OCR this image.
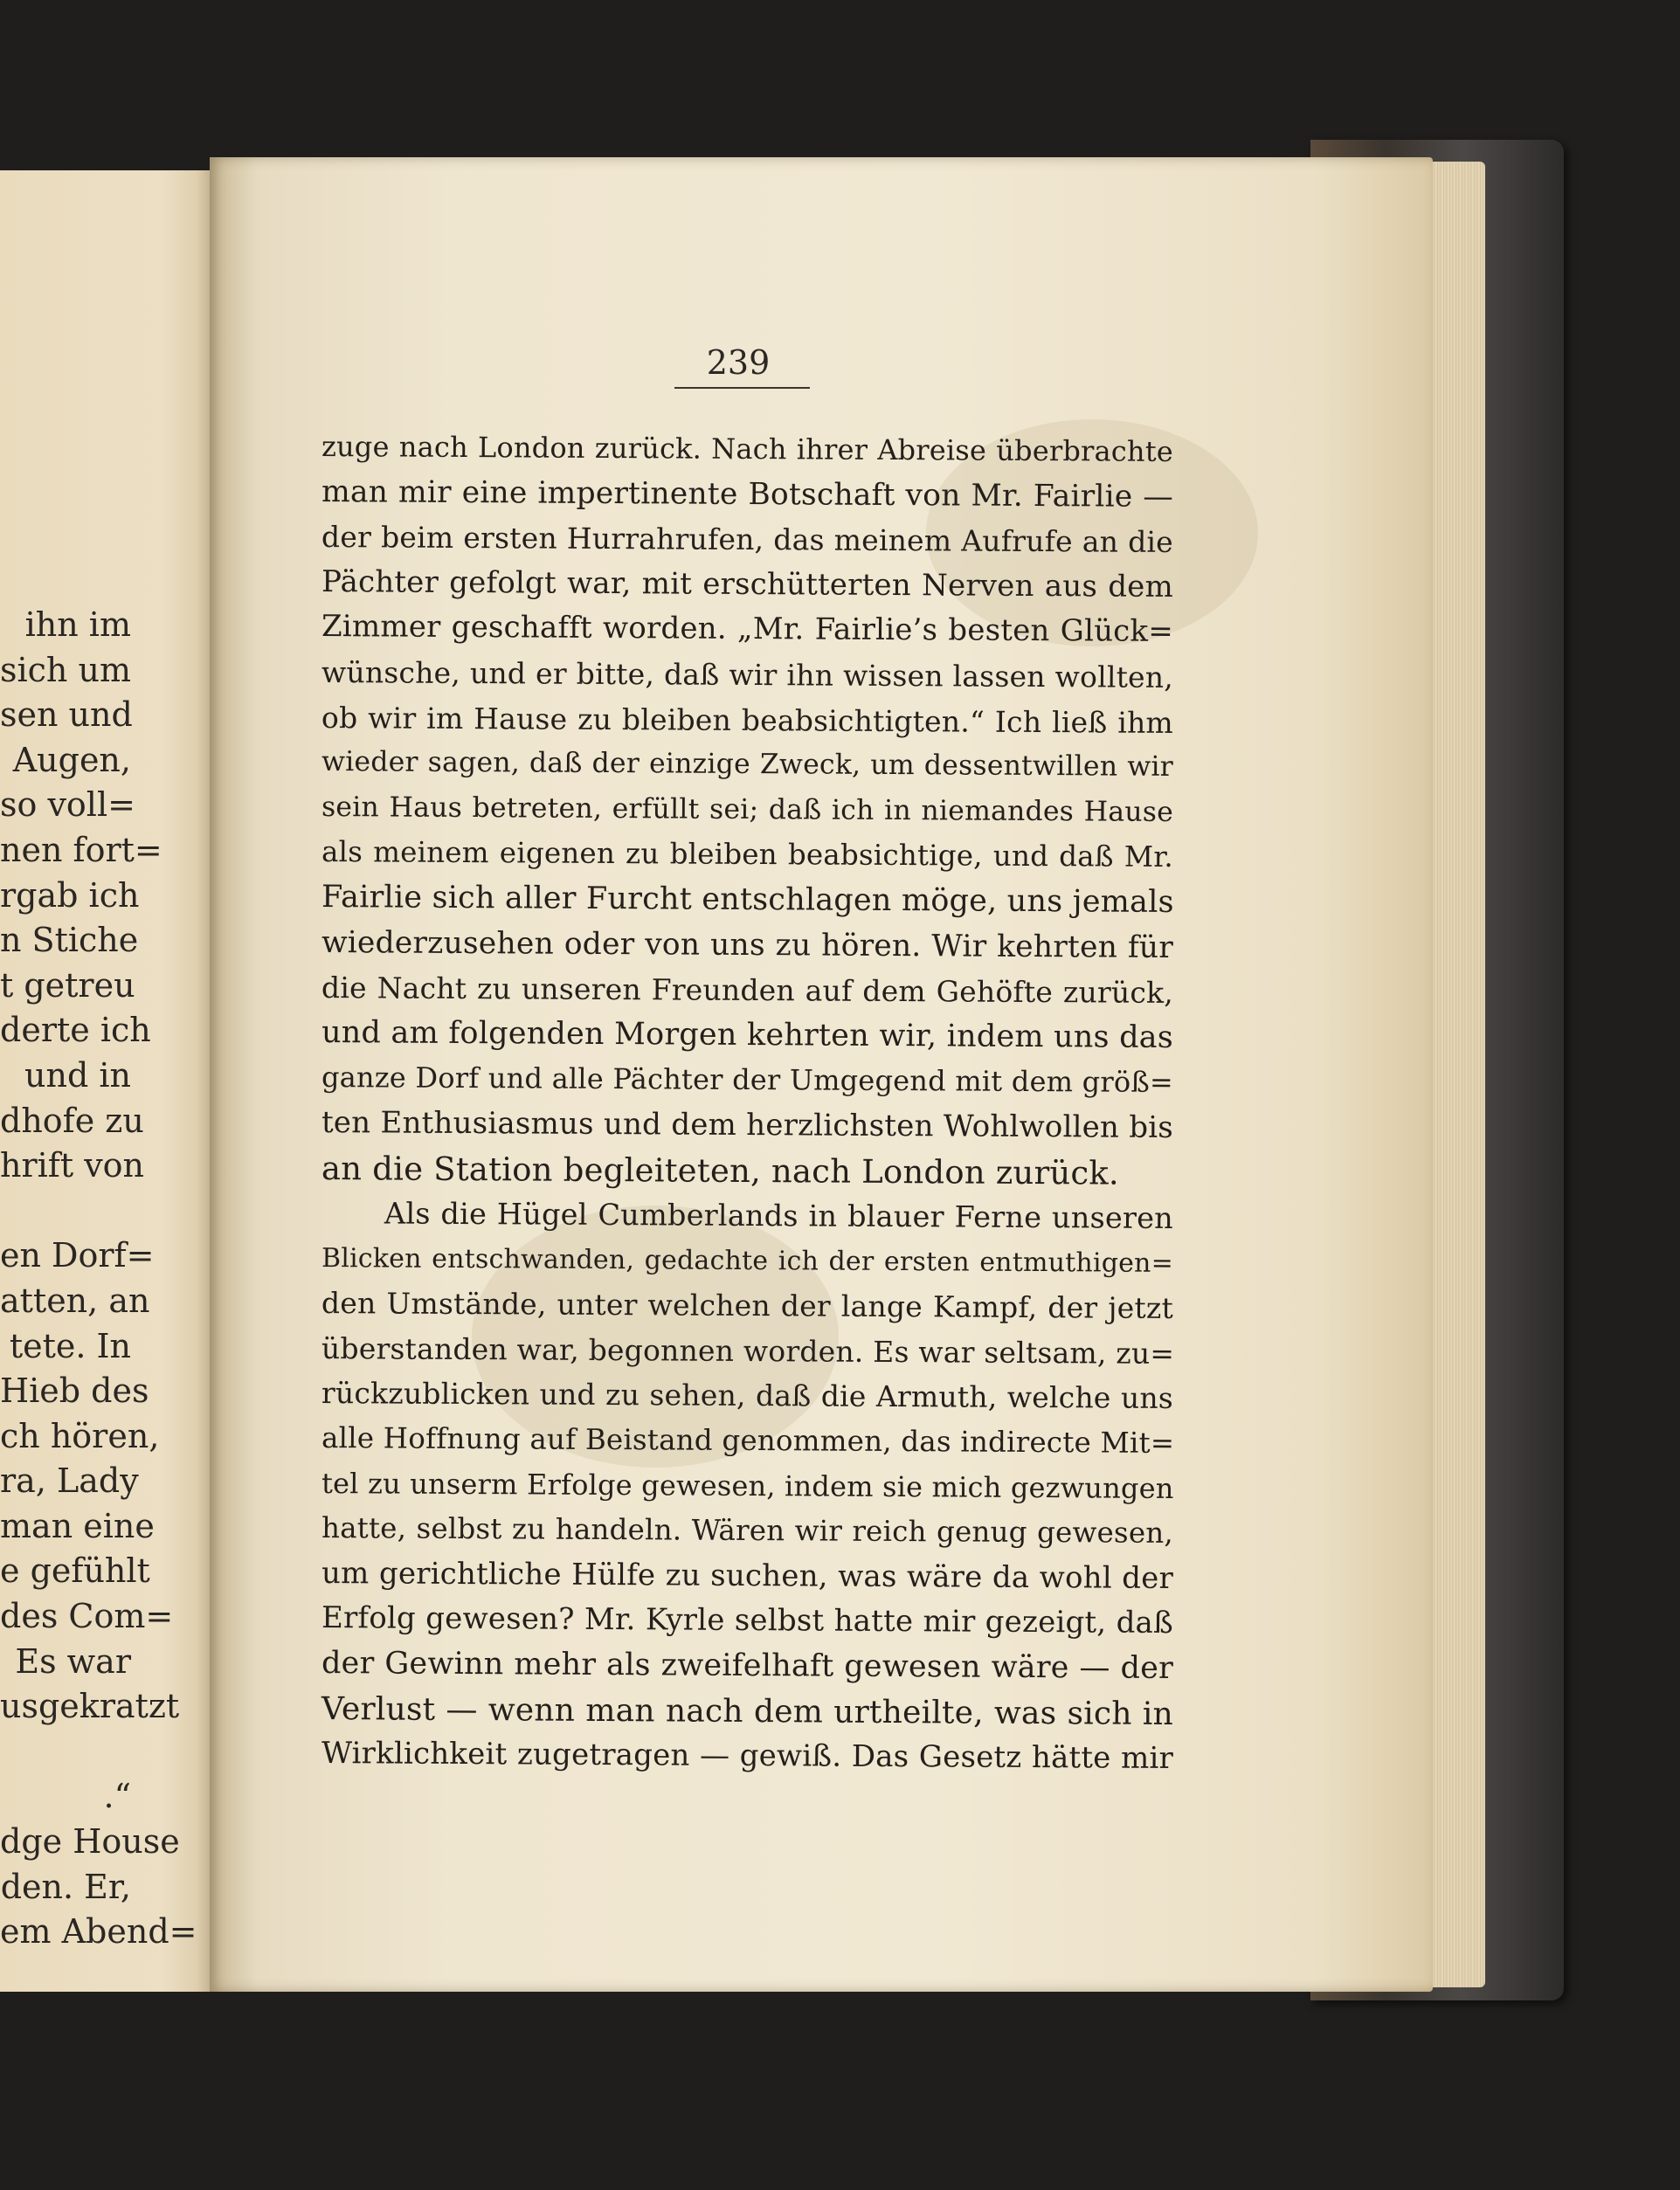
ihn im
sich um
sen und
Augen,
so voll=
nen fort=
rgab ich
n Stiche
t getreu
derte ich
und in
dhofe zu
hrift von
en Dorf=
atten, an
tete. In
Hieb des
ch hören,
ra, Lady
man eine
e gefühlt
des Com=
Es war
usgekratzt
.“
dge House
den. Er,
em Abend=
239
zuge nach London zurück. Nach ihrer Abreise überbrachte
man mir eine impertinente Botschaft von Mr. Fairlie —
der beim ersten Hurrahrufen, das meinem Aufrufe an die
Pächter gefolgt war, mit erschütterten Nerven aus dem
Zimmer geschafft worden. „Mr. Fairlie’s besten Glück=
wünsche, und er bitte, daß wir ihn wissen lassen wollten,
ob wir im Hause zu bleiben beabsichtigten.“ Ich ließ ihm
wieder sagen, daß der einzige Zweck, um dessentwillen wir
sein Haus betreten, erfüllt sei; daß ich in niemandes Hause
als meinem eigenen zu bleiben beabsichtige, und daß Mr.
Fairlie sich aller Furcht entschlagen möge, uns jemals
wiederzusehen oder von uns zu hören. Wir kehrten für
die Nacht zu unseren Freunden auf dem Gehöfte zurück,
und am folgenden Morgen kehrten wir, indem uns das
ganze Dorf und alle Pächter der Umgegend mit dem größ=
ten Enthusiasmus und dem herzlichsten Wohlwollen bis
an die Station begleiteten, nach London zurück.
Als die Hügel Cumberlands in blauer Ferne unseren
Blicken entschwanden, gedachte ich der ersten entmuthigen=
den Umstände, unter welchen der lange Kampf, der jetzt
überstanden war, begonnen worden. Es war seltsam, zu=
rückzublicken und zu sehen, daß die Armuth, welche uns
alle Hoffnung auf Beistand genommen, das indirecte Mit=
tel zu unserm Erfolge gewesen, indem sie mich gezwungen
hatte, selbst zu handeln. Wären wir reich genug gewesen,
um gerichtliche Hülfe zu suchen, was wäre da wohl der
Erfolg gewesen? Mr. Kyrle selbst hatte mir gezeigt, daß
der Gewinn mehr als zweifelhaft gewesen wäre — der
Verlust — wenn man nach dem urtheilte, was sich in
Wirklichkeit zugetragen — gewiß. Das Gesetz hätte mir
